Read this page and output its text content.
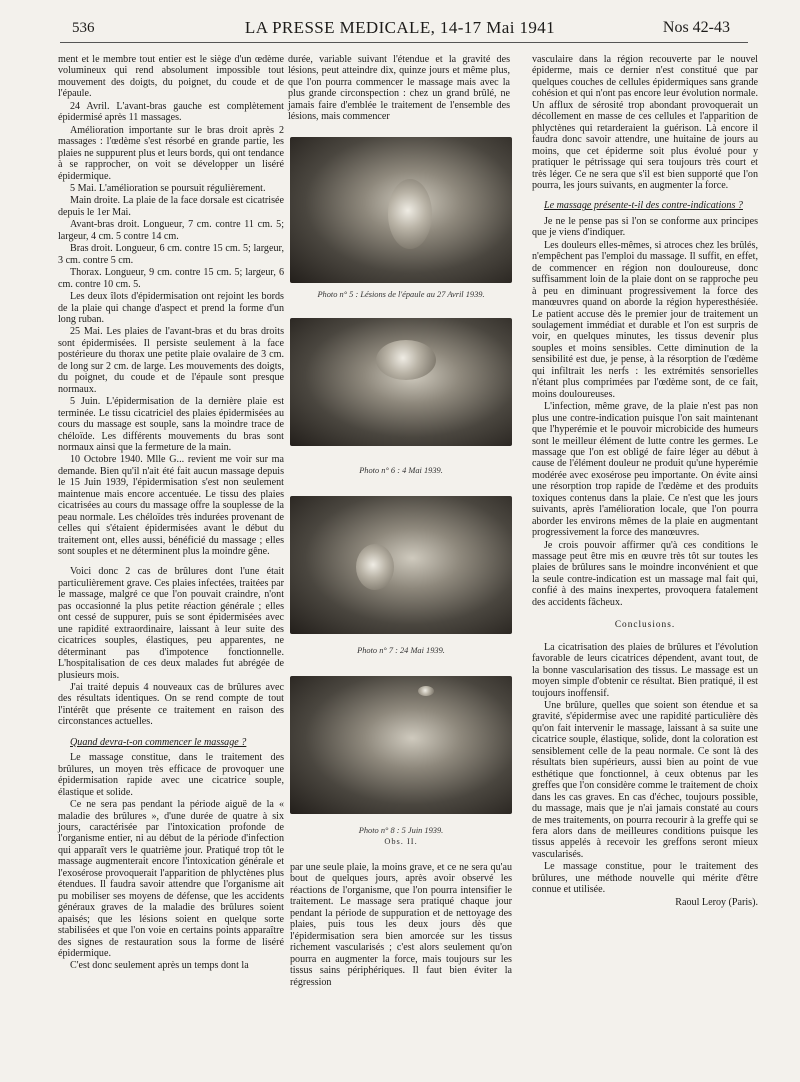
536	LA PRESSE MEDICALE, 14-17 Mai 1941	Nos 42-43

ment et le membre tout entier est le siège d'un œdème volumineux qui rend absolument impossible tout mouvement des doigts, du poignet, du coude et de l'épaule.

24 Avril. L'avant-bras gauche est complètement épidermisé après 11 massages.

Amélioration importante sur le bras droit après 2 massages : l'œdème s'est résorbé en grande partie, les plaies ne suppurent plus et leurs bords, qui ont tendance à se rapprocher, on voit se développer un liséré épidermique.

5 Mai. L'amélioration se poursuit régulièrement.

Main droite. La plaie de la face dorsale est cicatrisée depuis le 1er Mai.

Avant-bras droit. Longueur, 7 cm. contre 11 cm. 5; largeur, 4 cm. 5 contre 14 cm.

Bras droit. Longueur, 6 cm. contre 15 cm. 5; largeur, 3 cm. contre 5 cm.

Thorax. Longueur, 9 cm. contre 15 cm. 5; largeur, 6 cm. contre 10 cm. 5.

Les deux îlots d'épidermisation ont rejoint les bords de la plaie qui change d'aspect et prend la forme d'un long ruban.

25 Mai. Les plaies de l'avant-bras et du bras droits sont épidermisées. Il persiste seulement à la face postérieure du thorax une petite plaie ovalaire de 3 cm. de long sur 2 cm. de large. Les mouvements des doigts, du poignet, du coude et de l'épaule sont presque normaux.

5 Juin. L'épidermisation de la dernière plaie est terminée. Le tissu cicatriciel des plaies épidermisées au cours du massage est souple, sans la moindre trace de chéloïde. Les différents mouvements du bras sont normaux ainsi que la fermeture de la main.

10 Octobre 1940. Mlle G... revient me voir sur ma demande. Bien qu'il n'ait été fait aucun massage depuis le 15 Juin 1939, l'épidermisation s'est non seulement maintenue mais encore accentuée. Le tissu des plaies cicatrisées au cours du massage offre la souplesse de la peau normale. Les chéloïdes très indurées provenant de celles qui s'étaient épidermisées avant le début du traitement ont, elles aussi, bénéficié du massage ; elles sont souples et ne déterminent plus la moindre gêne.

Voici donc 2 cas de brûlures dont l'une était particulièrement grave. Ces plaies infectées, traitées par le massage, malgré ce que l'on pouvait craindre, n'ont pas occasionné la plus petite réaction générale ; elles ont cessé de suppurer, puis se sont épidermisées avec une rapidité extraordinaire, laissant à leur suite des cicatrices souples, élastiques, peu apparentes, ne déterminant pas d'impotence fonctionnelle. L'hospitalisation de ces deux malades fut abrégée de plusieurs mois.

J'ai traité depuis 4 nouveaux cas de brûlures avec des résultats identiques. On se rend compte de tout l'intérêt que présente ce traitement en raison des circonstances actuelles.

Quand devra-t-on commencer le massage ?

Le massage constitue, dans le traitement des brûlures, un moyen très efficace de provoquer une épidermisation rapide avec une cicatrice souple, élastique et solide.

Ce ne sera pas pendant la période aiguë de la « maladie des brûlures », d'une durée de quatre à six jours, caractérisée par l'intoxication profonde de l'organisme entier, ni au début de la période d'infection qui apparaît vers le quatrième jour. Pratiqué trop tôt le massage augmenterait encore l'intoxication générale et l'exosérose provoquerait l'apparition de phlyctènes plus étendues. Il faudra savoir attendre que l'organisme ait pu mobiliser ses moyens de défense, que les accidents généraux graves de la maladie des brûlures soient apaisés; que les lésions soient en quelque sorte stabilisées et que l'on voie en certains points apparaître des signes de restauration sous la forme de liséré épidermique.

C'est donc seulement après un temps dont la

durée, variable suivant l'étendue et la gravité des lésions, peut atteindre dix, quinze jours et même plus, que l'on pourra commencer le massage mais avec la plus grande circonspection : chez un grand brûlé, ne jamais faire d'emblée le traitement de l'ensemble des lésions, mais commencer

Photo n° 5 : Lésions de l'épaule au 27 Avril 1939.
Photo n° 6 : 4 Mai 1939.
Photo n° 7 : 24 Mai 1939.
Photo n° 8 : 5 Juin 1939.
Obs. II.

par une seule plaie, la moins grave, et ce ne sera qu'au bout de quelques jours, après avoir observé les réactions de l'organisme, que l'on pourra intensifier le traitement. Le massage sera pratiqué chaque jour pendant la période de suppuration et de nettoyage des plaies, puis tous les deux jours dès que l'épidermisation sera bien amorcée sur les tissus richement vascularisés ; c'est alors seulement qu'on pourra en augmenter la force, mais toujours sur les tissus sains périphériques. Il faut bien éviter la régression

vasculaire dans la région recouverte par le nouvel épiderme, mais ce dernier n'est constitué que par quelques couches de cellules épidermiques sans grande cohésion et qui n'ont pas encore leur évolution normale. Un afflux de sérosité trop abondant provoquerait un décollement en masse de ces cellules et l'apparition de phlyctènes qui retarderaient la guérison. Là encore il faudra donc savoir attendre, une huitaine de jours au moins, que cet épiderme soit plus évolué pour y pratiquer le pétrissage qui sera toujours très court et très léger. Ce ne sera que s'il est bien supporté que l'on pourra, les jours suivants, en augmenter la force.

Le massage présente-t-il des contre-indications ?

Je ne le pense pas si l'on se conforme aux principes que je viens d'indiquer.

Les douleurs elles-mêmes, si atroces chez les brûlés, n'empêchent pas l'emploi du massage. Il suffit, en effet, de commencer en région non douloureuse, donc suffisamment loin de la plaie dont on se rapproche peu à peu en diminuant progressivement la force des manœuvres quand on aborde la région hyperesthésiée. Le patient accuse dès le premier jour de traitement un soulagement immédiat et durable et l'on est surpris de voir, en quelques minutes, les tissus devenir plus souples et moins sensibles. Cette diminution de la sensibilité est due, je pense, à la résorption de l'œdème qui infiltrait les nerfs : les extrémités sensorielles n'étant plus comprimées par l'œdème sont, de ce fait, moins douloureuses.

L'infection, même grave, de la plaie n'est pas non plus une contre-indication puisque l'on sait maintenant que l'hyperémie et le pouvoir microbicide des humeurs sont le meilleur élément de lutte contre les germes. Le massage que l'on est obligé de faire léger au début à cause de l'élément douleur ne produit qu'une hyperémie modérée avec exosérose peu importante. On évite ainsi une résorption trop rapide de l'œdème et des produits toxiques contenus dans la plaie. Ce n'est que les jours suivants, après l'amélioration locale, que l'on pourra aborder les environs mêmes de la plaie en augmentant progressivement la force des manœuvres.

Je crois pouvoir affirmer qu'à ces conditions le massage peut être mis en œuvre très tôt sur toutes les plaies de brûlures sans le moindre inconvénient et que la seule contre-indication est un massage mal fait qui, confié à des mains inexpertes, provoquera fatalement des accidents fâcheux.

Conclusions.

La cicatrisation des plaies de brûlures et l'évolution favorable de leurs cicatrices dépendent, avant tout, de la bonne vascularisation des tissus. Le massage est un moyen simple d'obtenir ce résultat. Bien pratiqué, il est toujours inoffensif.

Une brûlure, quelles que soient son étendue et sa gravité, s'épidermise avec une rapidité particulière dès qu'on fait intervenir le massage, laissant à sa suite une cicatrice souple, élastique, solide, dont la coloration est sensiblement celle de la peau normale. Ce sont là des résultats bien supérieurs, aussi bien au point de vue esthétique que fonctionnel, à ceux obtenus par les greffes que l'on considère comme le traitement de choix dans les cas graves. En cas d'échec, toujours possible, du massage, mais que je n'ai jamais constaté au cours de mes traitements, on pourra recourir à la greffe qui se fera alors dans de meilleures conditions puisque les tissus appelés à recevoir les greffons seront mieux vascularisés.

Le massage constitue, pour le traitement des brûlures, une méthode nouvelle qui mérite d'être connue et utilisée.

Raoul Leroy (Paris).
